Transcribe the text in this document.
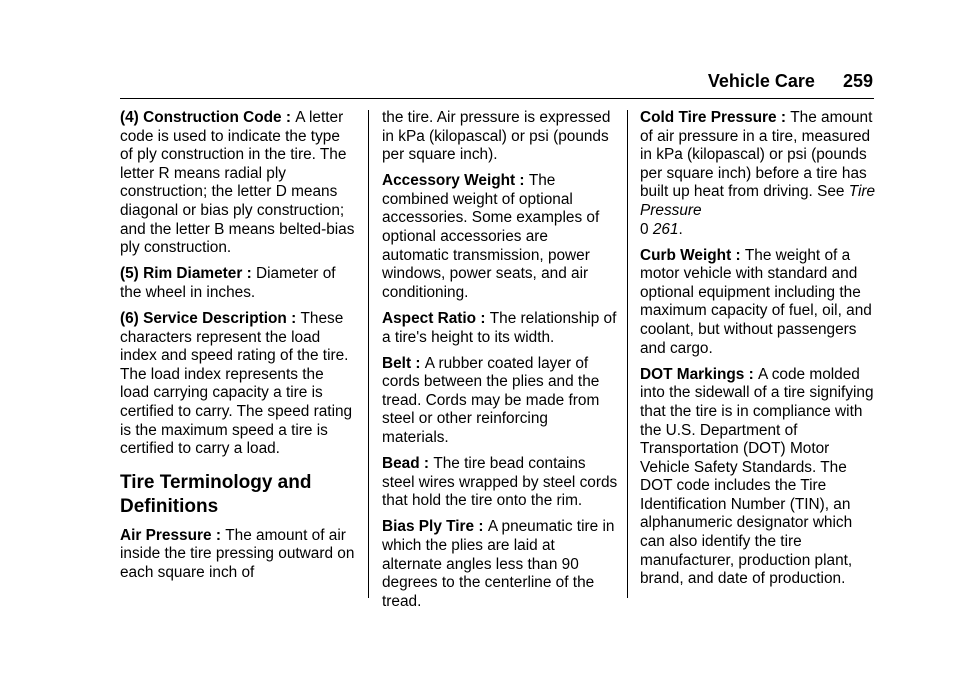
Vehicle Care 259

(4) Construction Code : A letter code is used to indicate the type of ply construction in the tire. The letter R means radial ply construction; the letter D means diagonal or bias ply construction; and the letter B means belted-bias ply construction.

(5) Rim Diameter : Diameter of the wheel in inches.

(6) Service Description : These characters represent the load index and speed rating of the tire. The load index represents the load carrying capacity a tire is certified to carry. The speed rating is the maximum speed a tire is certified to carry a load.

Tire Terminology and Definitions

Air Pressure : The amount of air inside the tire pressing outward on each square inch of

the tire. Air pressure is expressed in kPa (kilopascal) or psi (pounds per square inch).

Accessory Weight : The combined weight of optional accessories. Some examples of optional accessories are automatic transmission, power windows, power seats, and air conditioning.

Aspect Ratio : The relationship of a tire's height to its width.

Belt : A rubber coated layer of cords between the plies and the tread. Cords may be made from steel or other reinforcing materials.

Bead : The tire bead contains steel wires wrapped by steel cords that hold the tire onto the rim.

Bias Ply Tire : A pneumatic tire in which the plies are laid at alternate angles less than 90 degrees to the centerline of the tread.

Cold Tire Pressure : The amount of air pressure in a tire, measured in kPa (kilopascal) or psi (pounds per square inch) before a tire has built up heat from driving. See Tire Pressure
0 261.

Curb Weight : The weight of a motor vehicle with standard and optional equipment including the maximum capacity of fuel, oil, and coolant, but without passengers and cargo.

DOT Markings : A code molded into the sidewall of a tire signifying that the tire is in compliance with the U.S. Department of Transportation (DOT) Motor Vehicle Safety Standards. The DOT code includes the Tire Identification Number (TIN), an alphanumeric designator which can also identify the tire manufacturer, production plant, brand, and date of production.
